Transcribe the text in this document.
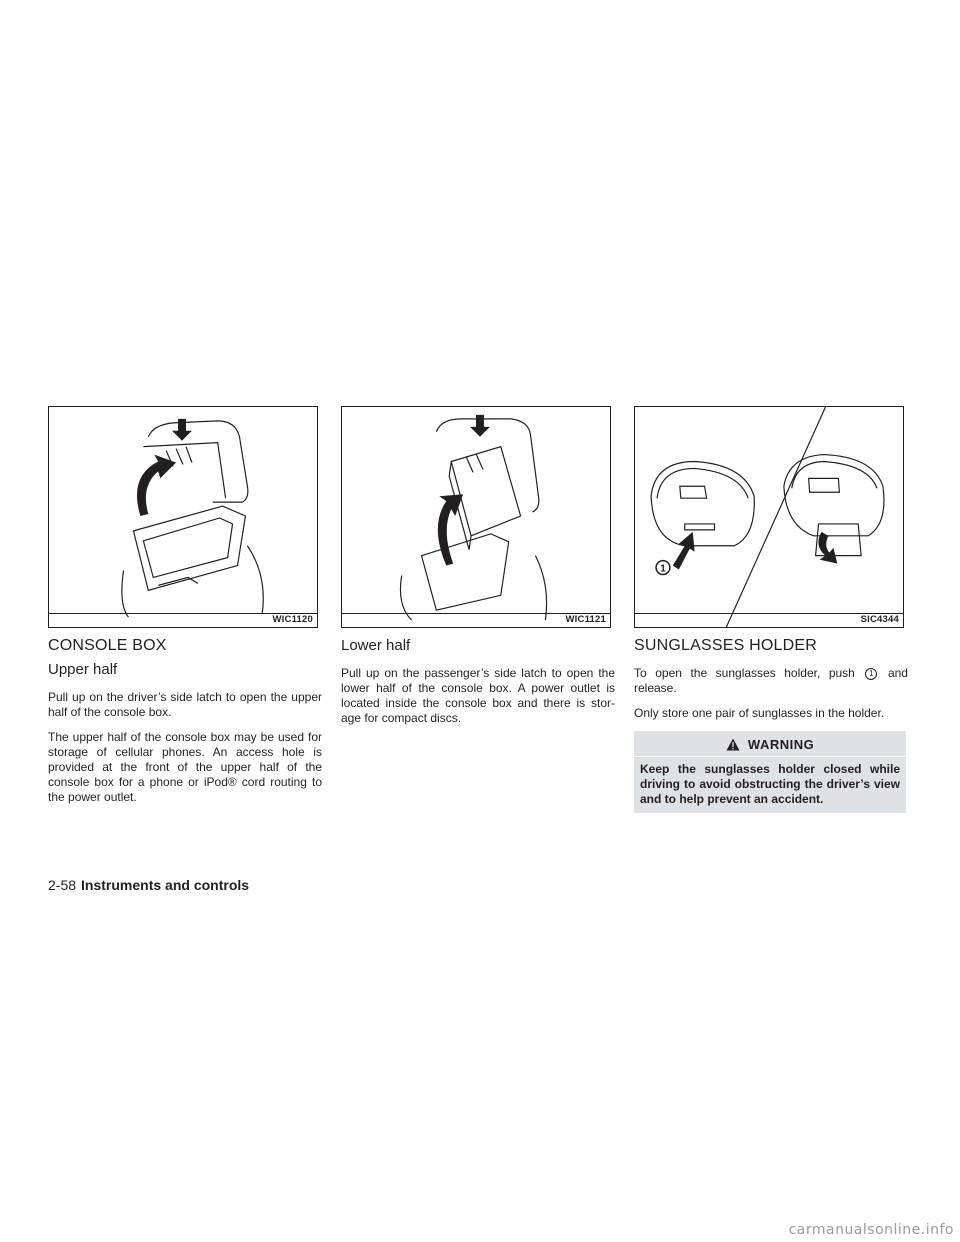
WIC1120	WIC1121
1
SIC4344
CONSOLE BOX
Upper half

Pull up on the driver’s side latch to open the upper half of the console box.

The upper half of the console box may be used for storage of cellular phones. An access hole is provided at the front of the upper half of the console box for a phone or iPod® cord routing to the power outlet.

Lower half

Pull up on the passenger’s side latch to open the lower half of the console box. A power outlet is located inside the console box and there is stor- age for compact discs.

SUNGLASSES HOLDER

To open the sunglasses holder, push 1 and release.

Only store one pair of sunglasses in the holder.

WARNING
Keep the sunglasses holder closed while driving to avoid obstructing the driver’s view and to help prevent an accident.
2-58 Instruments and controls
carmanualsonline.info
